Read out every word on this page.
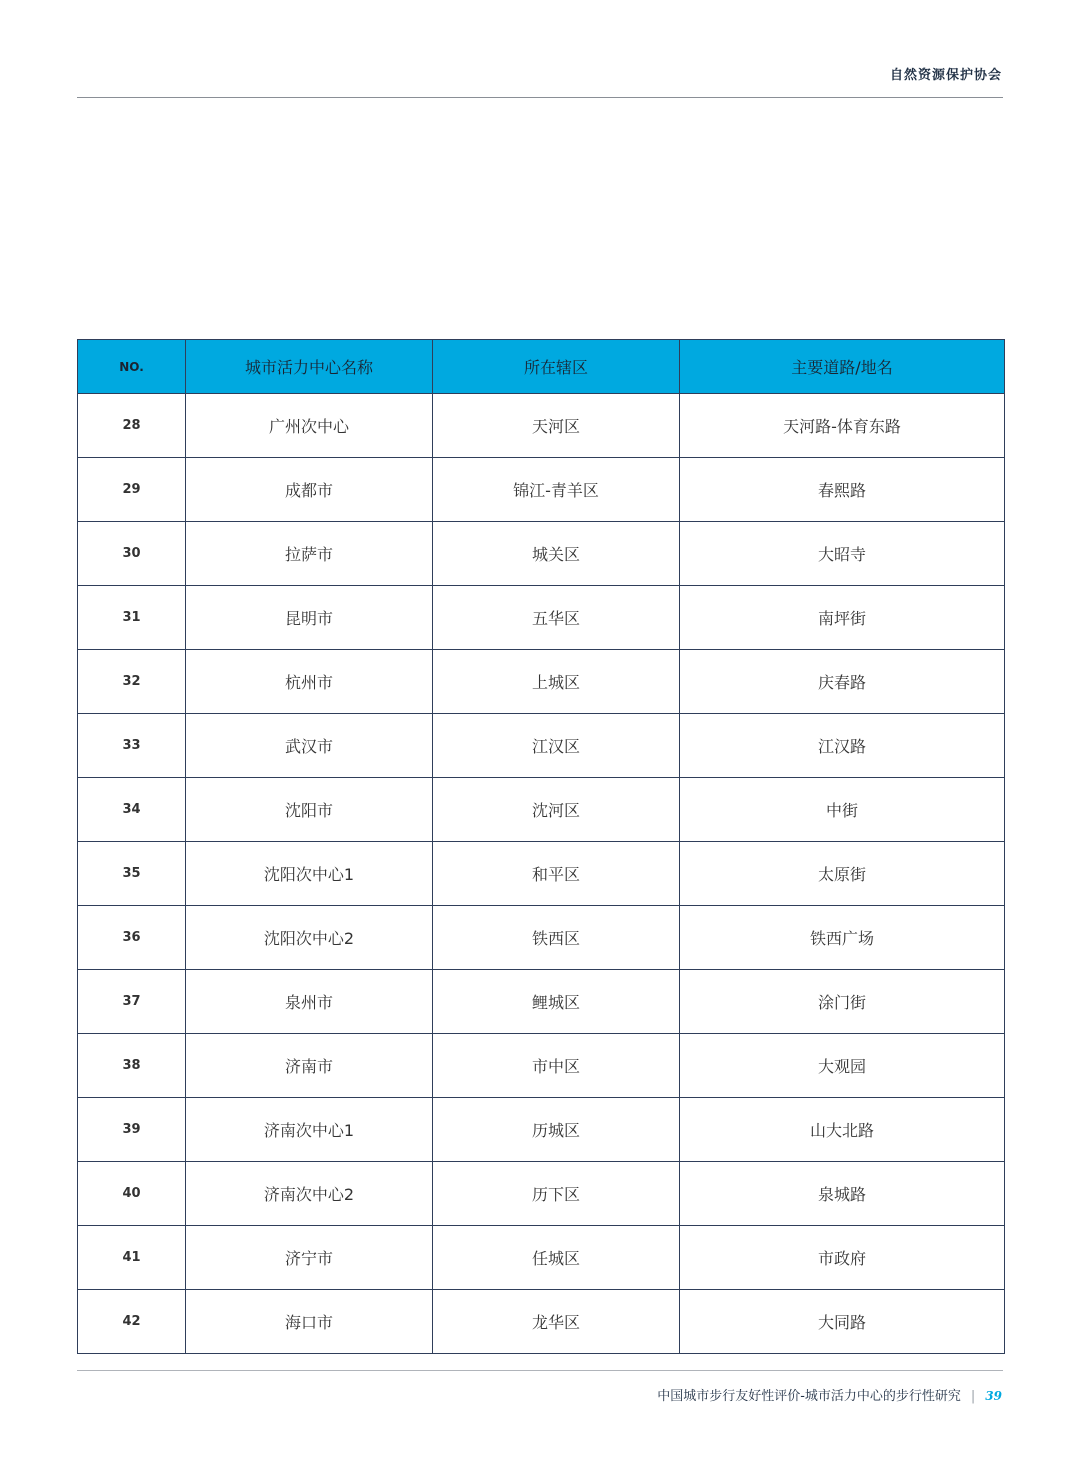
自然资源保护协会
NO.	城市活力中心名称	所在辖区	主要道路/地名
28	广州次中心	天河区	天河路-体育东路
29	成都市	锦江-青羊区	春熙路
30	拉萨市	城关区	大昭寺
31	昆明市	五华区	南坪街
32	杭州市	上城区	庆春路
33	武汉市	江汉区	江汉路
34	沈阳市	沈河区	中街
35	沈阳次中心1	和平区	太原街
36	沈阳次中心2	铁西区	铁西广场
37	泉州市	鲤城区	涂门街
38	济南市	市中区	大观园
39	济南次中心1	历城区	山大北路
40	济南次中心2	历下区	泉城路
41	济宁市	任城区	市政府
42	海口市	龙华区	大同路
中国城市步行友好性评价-城市活力中心的步行性研究 | 39
